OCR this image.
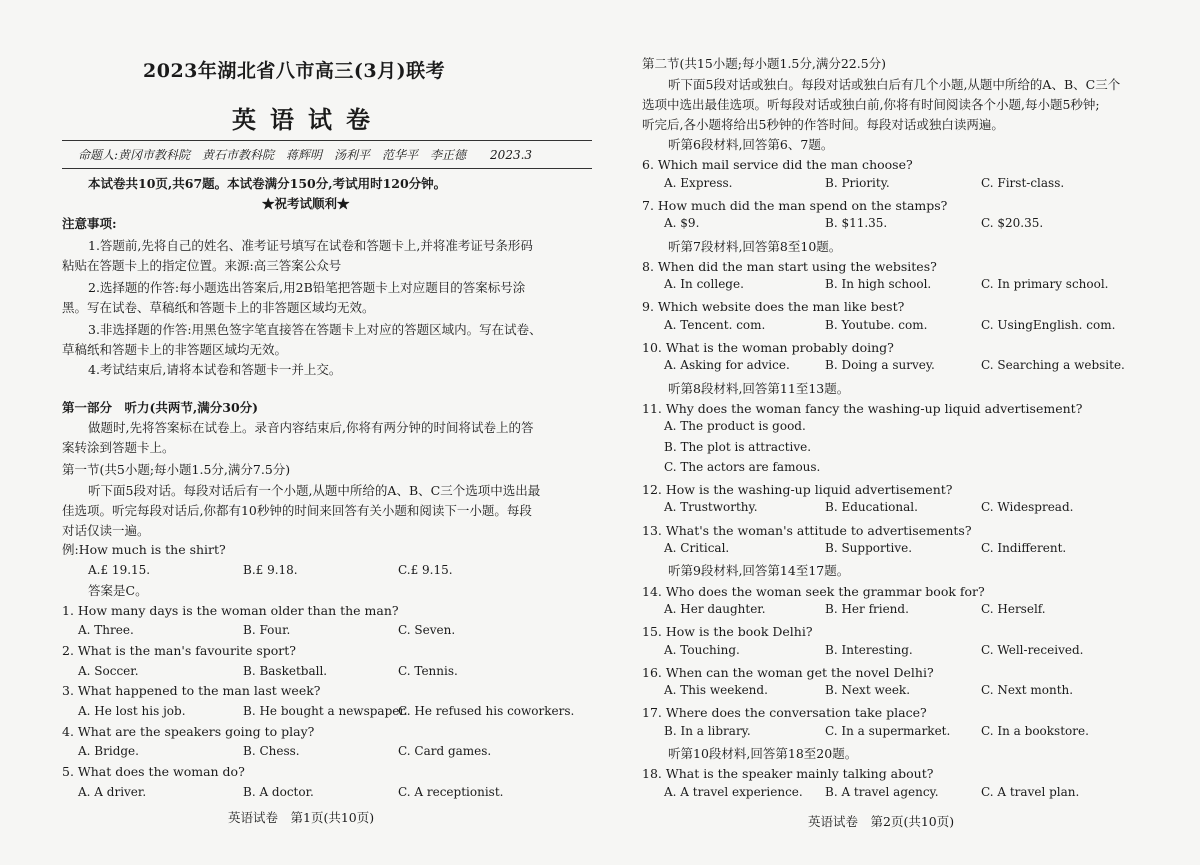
2023年湖北省八市高三(3月)联考
英语试卷
命题人:黄冈市教科院　黄石市教科院　蒋辉明　汤利平　范华平　李正德　　2023.3
本试卷共10页,共67题。本试卷满分150分,考试用时120分钟。
★祝考试顺利★
注意事项:
1.答题前,先将自己的姓名、准考证号填写在试卷和答题卡上,并将准考证号条形码
粘贴在答题卡上的指定位置。来源:高三答案公众号
2.选择题的作答:每小题选出答案后,用2B铅笔把答题卡上对应题目的答案标号涂
黑。写在试卷、草稿纸和答题卡上的非答题区域均无效。
3.非选择题的作答:用黑色签字笔直接答在答题卡上对应的答题区域内。写在试卷、
草稿纸和答题卡上的非答题区域均无效。
4.考试结束后,请将本试卷和答题卡一并上交。
第一部分　听力(共两节,满分30分)
做题时,先将答案标在试卷上。录音内容结束后,你将有两分钟的时间将试卷上的答
案转涂到答题卡上。
第一节(共5小题;每小题1.5分,满分7.5分)
听下面5段对话。每段对话后有一个小题,从题中所给的A、B、C三个选项中选出最
佳选项。听完每段对话后,你都有10秒钟的时间来回答有关小题和阅读下一小题。每段
对话仅读一遍。
例:How much is the shirt?
A.£ 19.15.	B.£ 9.18.	C.£ 9.15.
答案是C。
1. How many days is the woman older than the man?
A. Three.	B. Four.	C. Seven.
2. What is the man's favourite sport?
A. Soccer.	B. Basketball.	C. Tennis.
3. What happened to the man last week?
A. He lost his job.	B. He bought a newspaper.
C. He refused his coworkers.
4. What are the speakers going to play?
A. Bridge.	B. Chess.	C. Card games.
5. What does the woman do?
A. A driver.	B. A doctor.	C. A receptionist.
英语试卷　第1页(共10页)
第二节(共15小题;每小题1.5分,满分22.5分)
听下面5段对话或独白。每段对话或独白后有几个小题,从题中所给的A、B、C三个
选项中选出最佳选项。听每段对话或独白前,你将有时间阅读各个小题,每小题5秒钟;
听完后,各小题将给出5秒钟的作答时间。每段对话或独白读两遍。
听第6段材料,回答第6、7题。
6. Which mail service did the man choose?
A. Express.	B. Priority.	C. First-class.
7. How much did the man spend on the stamps?
A. $9.	B. $11.35.	C. $20.35.
听第7段材料,回答第8至10题。
8. When did the man start using the websites?
A. In college.	B. In high school.	C. In primary school.
9. Which website does the man like best?
A. Tencent. com.	B. Youtube. com.	C. UsingEnglish. com.
10. What is the woman probably doing?
A. Asking for advice.	B. Doing a survey.	C. Searching a website.
听第8段材料,回答第11至13题。
11. Why does the woman fancy the washing-up liquid advertisement?
A. The product is good.
B. The plot is attractive.
C. The actors are famous.
12. How is the washing-up liquid advertisement?
A. Trustworthy.	B. Educational.	C. Widespread.
13. What's the woman's attitude to advertisements?
A. Critical.	B. Supportive.	C. Indifferent.
听第9段材料,回答第14至17题。
14. Who does the woman seek the grammar book for?
A. Her daughter.	B. Her friend.	C. Herself.
15. How is the book Delhi?
A. Touching.	B. Interesting.	C. Well-received.
16. When can the woman get the novel Delhi?
A. This weekend.	B. Next week.	C. Next month.
17. Where does the conversation take place?
B. In a library.	C. In a supermarket.	C. In a bookstore.
听第10段材料,回答第18至20题。
18. What is the speaker mainly talking about?
A. A travel experience. B. A travel agency.	C. A travel plan.
英语试卷　第2页(共10页)
